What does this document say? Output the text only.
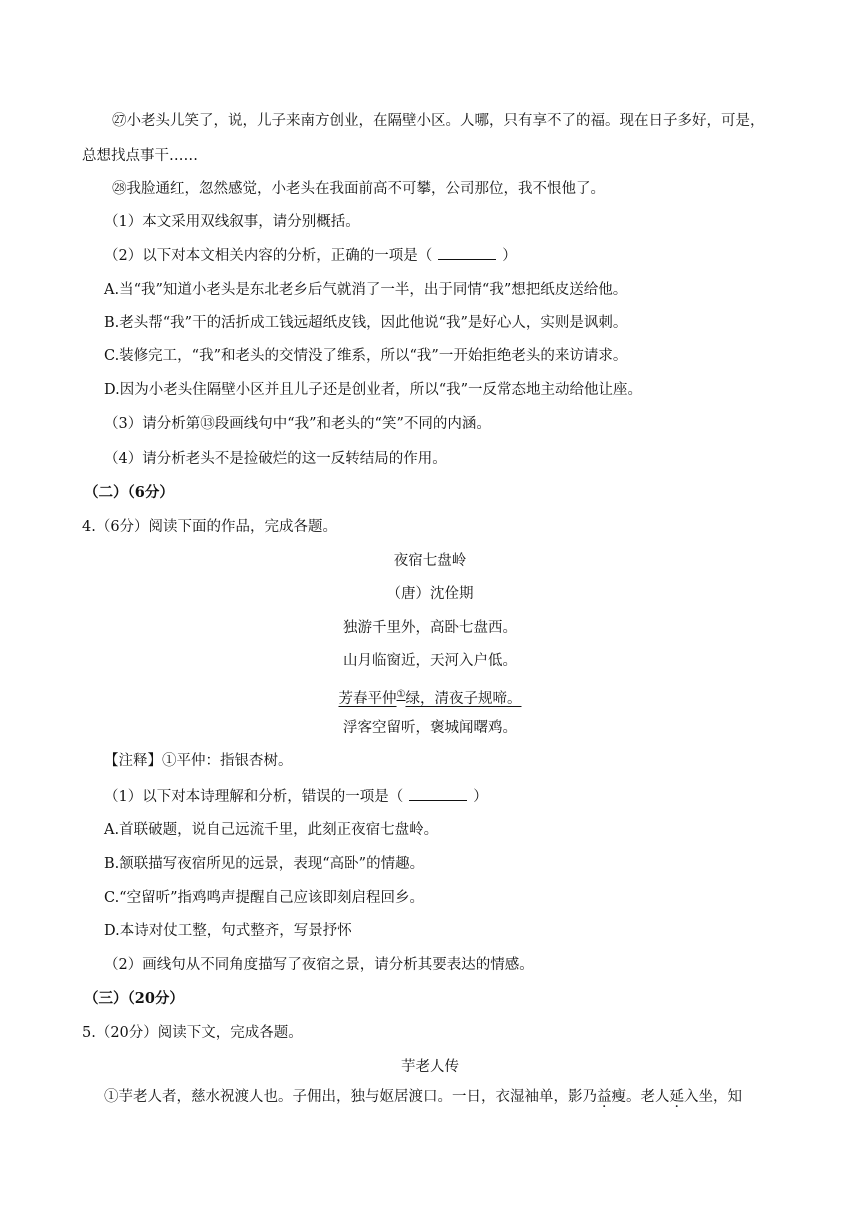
㉗小老头儿笑了，说，儿子来南方创业，在隔壁小区。人哪，只有享不了的福。现在日子多好，可是，
总想找点事干……
㉘我脸通红，忽然感觉，小老头在我面前高不可攀，公司那位，我不恨他了。
（1）本文采用双线叙事，请分别概括。
（2）以下对本文相关内容的分析，正确的一项是（	）
A.当“我”知道小老头是东北老乡后气就消了一半，出于同情“我”想把纸皮送给他。
B.老头帮“我”干的活折成工钱远超纸皮钱，因此他说“我”是好心人，实则是讽刺。
C.装修完工，“我”和老头的交情没了维系，所以“我”一开始拒绝老头的来访请求。
D.因为小老头住隔壁小区并且儿子还是创业者，所以“我”一反常态地主动给他让座。
（3）请分析第⑬段画线句中“我”和老头的“笑”不同的内涵。
（4）请分析老头不是捡破烂的这一反转结局的作用。
（二）（6分）
4.（6分）阅读下面的作品，完成各题。
夜宿七盘岭
（唐）沈佺期
独游千里外，高卧七盘西。
山月临窗近，天河入户低。
芳春平仲①绿，清夜子规啼。
浮客空留听，褒城闻曙鸡。
【注释】①平仲：指银杏树。
（1）以下对本诗理解和分析，错误的一项是（	）
A.首联破题，说自己远流千里，此刻正夜宿七盘岭。
B.颔联描写夜宿所见的远景，表现“高卧”的情趣。
C.“空留听”指鸡鸣声提醒自己应该即刻启程回乡。
D.本诗对仗工整，句式整齐，写景抒怀
（2）画线句从不同角度描写了夜宿之景，请分析其要表达的情感。
（三）（20分）
5.（20分）阅读下文，完成各题。
芋老人传
①芋老人者，慈水祝渡人也。子佣出，独与妪居渡口。一日，衣湿袖单，影乃益瘦。老人延入坐，知
